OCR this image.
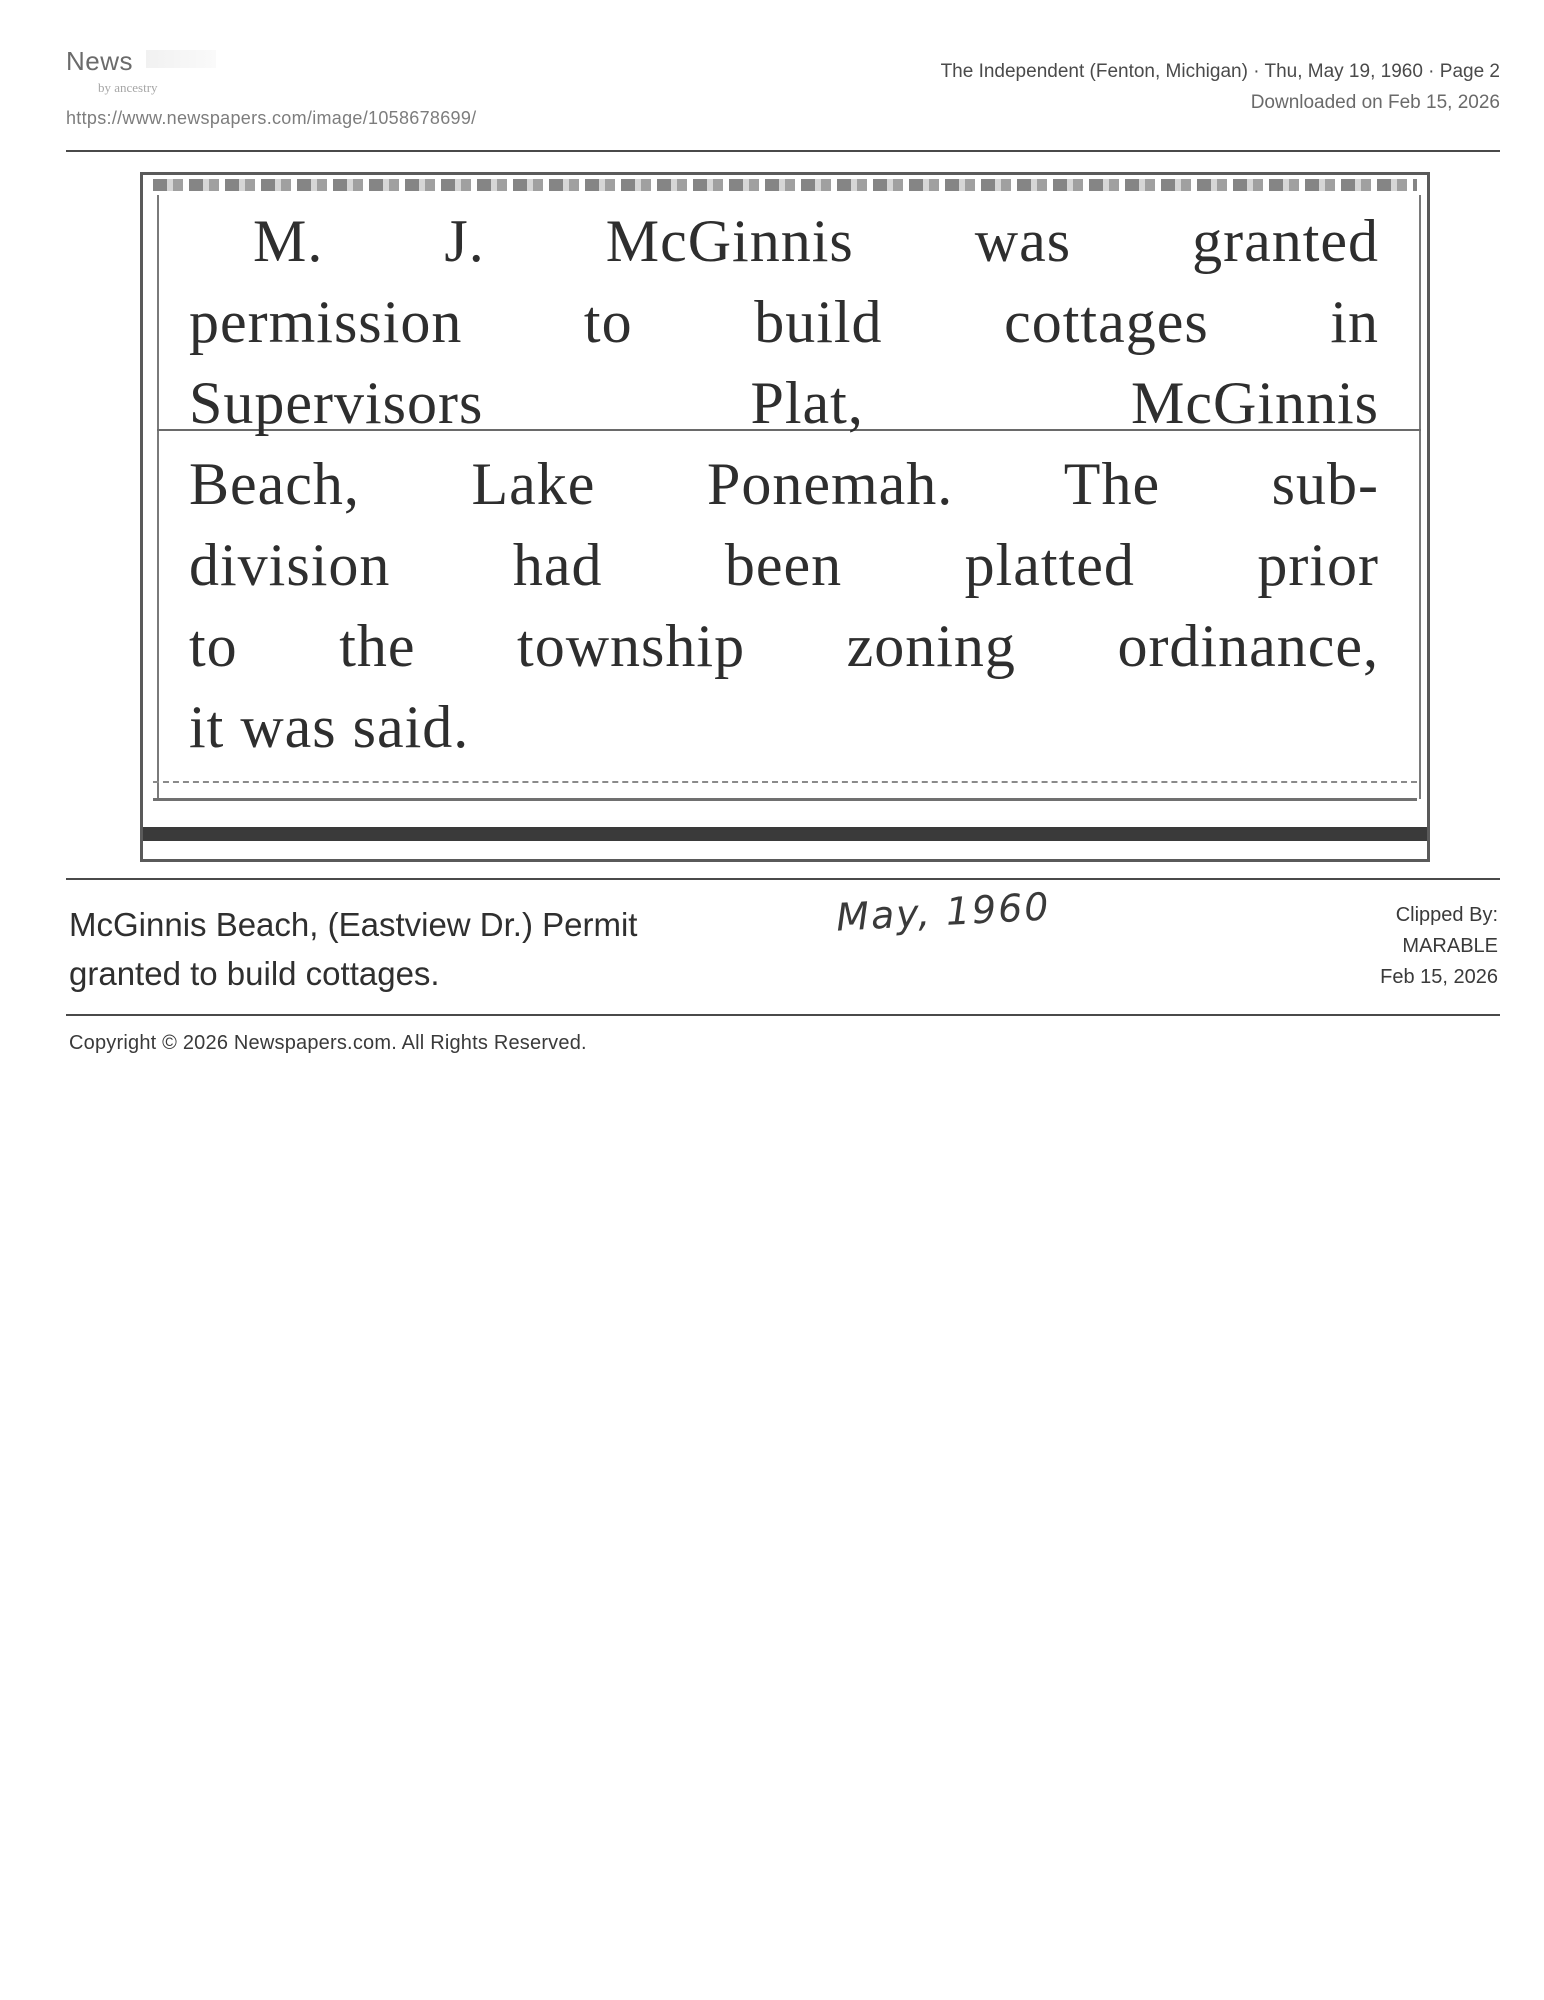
News
by ancestry
https://www.newspapers.com/image/1058678699/
The Independent (Fenton, Michigan) · Thu, May 19, 1960 · Page 2
Downloaded on Feb 15, 2026
M. J. McGinnis was granted
permission to build cottages in
Supervisors Plat, McGinnis
Beach, Lake Ponemah. The sub-
division had been platted prior
to the township zoning ordinance,
it was said.
McGinnis Beach, (Eastview Dr.) Permit granted to build cottages.
May, 1960	Clipped By:
MARABLE
Feb 15, 2026
Copyright © 2026 Newspapers.com. All Rights Reserved.
